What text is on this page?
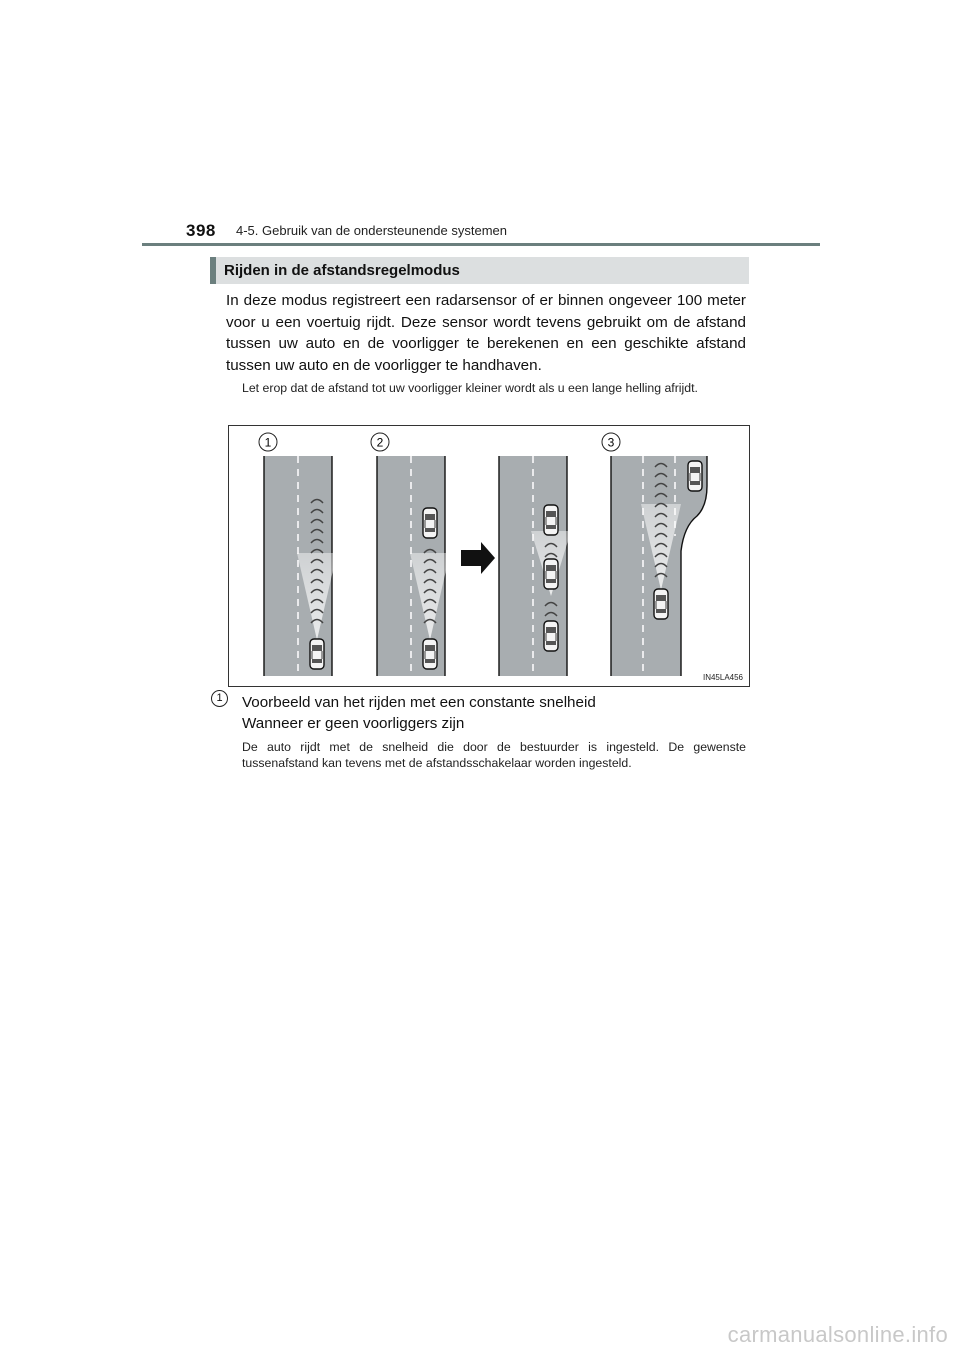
398 4-5. Gebruik van de ondersteunende systemen
Rijden in de afstandsregelmodus
In deze modus registreert een radarsensor of er binnen ongeveer 100 meter voor u een voertuig rijdt. Deze sensor wordt tevens gebruikt om de afstand tussen uw auto en de voorligger te berekenen en een geschikte afstand tussen uw auto en de voorligger te handhaven.
Let erop dat de afstand tot uw voorligger kleiner wordt als u een lange helling afrijdt.
1	2	3
IN45LA456
1	Voorbeeld van het rijden met een constante snelheid
Wanneer er geen voorliggers zijn
De auto rijdt met de snelheid die door de bestuurder is ingesteld. De gewenste tussenafstand kan tevens met de afstandsschakelaar worden ingesteld.
carmanualsonline.info
